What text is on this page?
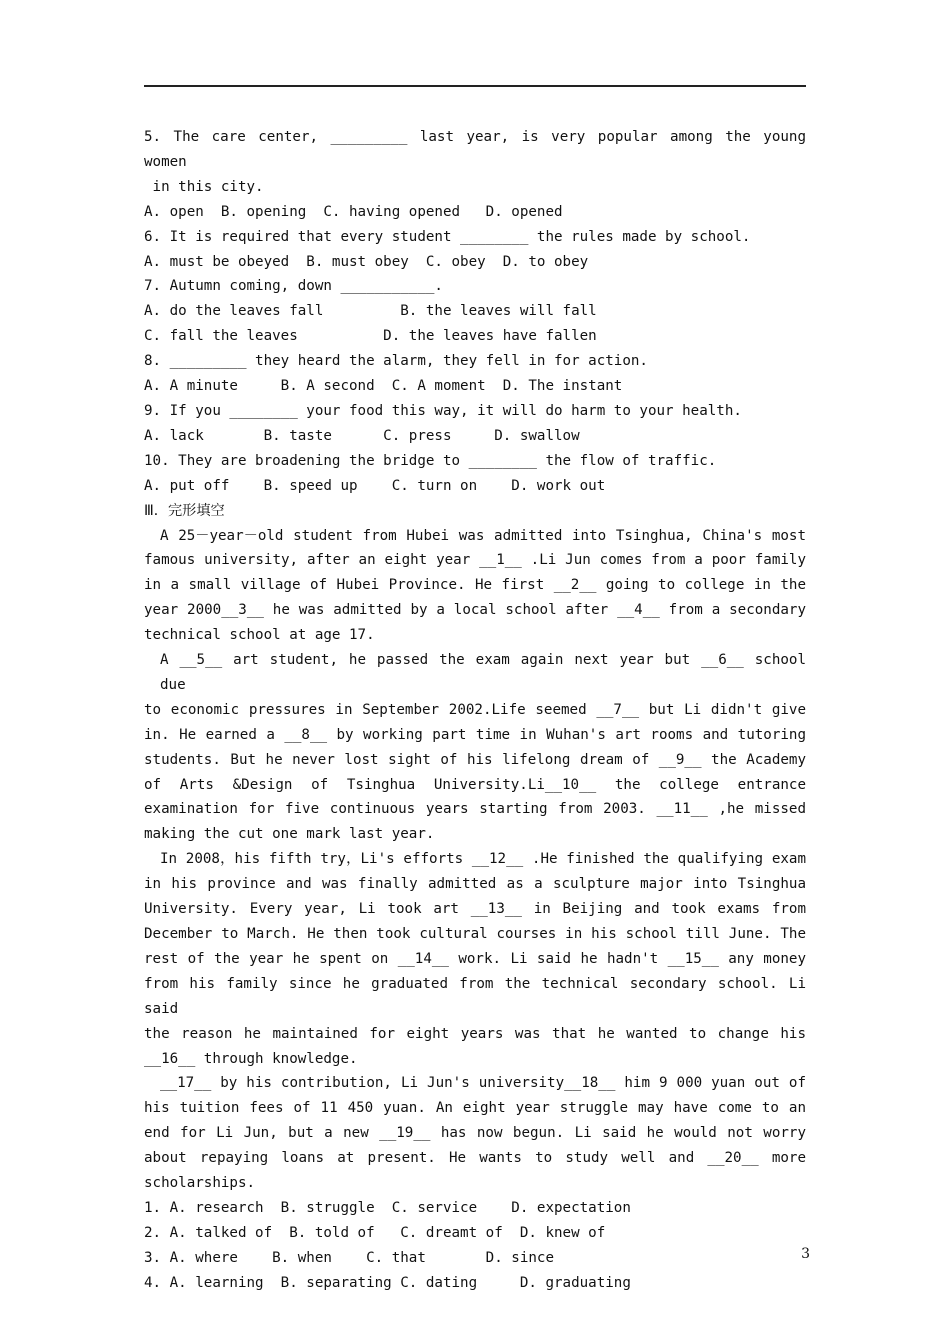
5. The care center, _________ last year, is very popular among the young women
in this city.
A. open  B. opening  C. having opened   D. opened
6. It is required that every student ________ the rules made by school.
A. must be obeyed  B. must obey  C. obey  D. to obey
7. Autumn coming, down ___________.
A. do the leaves fall         B. the leaves will fall
C. fall the leaves          D. the leaves have fallen
8. _________ they heard the alarm, they fell in for action.
A. A minute     B. A second  C. A moment  D. The instant
9. If you ________ your food this way, it will do harm to your health.
A. lack       B. taste      C. press     D. swallow
10. They are broadening the bridge to ________ the flow of traffic.
A. put off    B. speed up    C. turn on    D. work out
Ⅲ．完形填空
A 25－year－old student from Hubei was admitted into Tsinghua, China's most
famous university, after an eight year __1__ .Li Jun comes from a poor family
in a small village of Hubei Province. He first __2__ going to college in the
year 2000__3__ he was admitted by a local school after __4__ from a secondary
technical school at age 17.
A __5__ art student, he passed the exam again next year but __6__ school due
to economic pressures in September 2002.Life seemed __7__ but Li didn't give
in. He earned a __8__ by working part time in Wuhan's art rooms and tutoring
students. But he never lost sight of his lifelong dream of __9__ the Academy
of Arts &Design of Tsinghua University.Li__10__ the college entrance
examination for five continuous years starting from 2003. __11__ ,he missed
making the cut one mark last year.
In 2008，his fifth try，Li's efforts __12__ .He finished the qualifying exam
in his province and was finally admitted as a sculpture major into Tsinghua
University. Every year, Li took art __13__ in Beijing and took exams from
December to March. He then took cultural courses in his school till June. The
rest of the year he spent on __14__ work. Li said he hadn't __15__ any money
from his family since he graduated from the technical secondary school. Li said
the reason he maintained for eight years was that he wanted to change his
__16__ through knowledge.
__17__ by his contribution, Li Jun's university__18__ him 9 000 yuan out of
his tuition fees of 11 450 yuan. An eight year struggle may have come to an
end for Li Jun, but a new __19__ has now begun. Li said he would not worry
about repaying loans at present. He wants to study well and __20__ more
scholarships.
1. A. research  B. struggle  C. service    D. expectation
2. A. talked of  B. told of   C. dreamt of  D. knew of
3. A. where    B. when    C. that       D. since
4. A. learning  B. separating C. dating     D. graduating
3
